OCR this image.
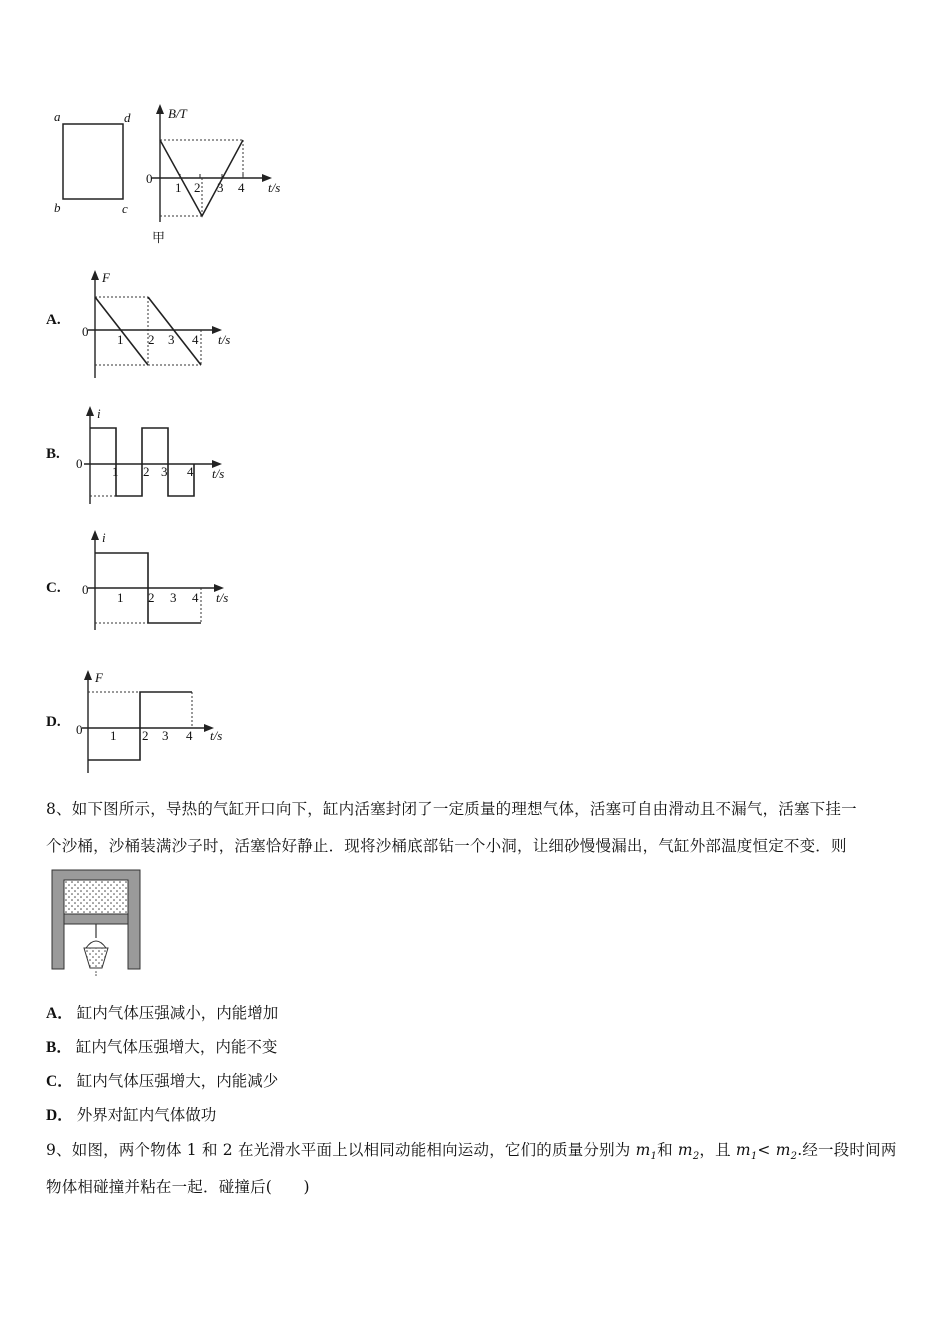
a	d
b	c
B/T
t/s
0
1 2 3 4
甲
A.
F
t/s
0
1 2 3 4
B.
i
t/s
0
1 2 3 4
C.
i
t/s
0
1 2 3 4
D.
F
t/s
0 1 2 3 4
8、如下图所示，导热的气缸开口向下，缸内活塞封闭了一定质量的理想气体，活塞可自由滑动且不漏气，活塞下挂一
个沙桶，沙桶装满沙子时，活塞恰好静止．现将沙桶底部钻一个小洞，让细砂慢慢漏出，气缸外部温度恒定不变．则
A． 缸内气体压强减小，内能增加
B． 缸内气体压强增大，内能不变
C． 缸内气体压强增大，内能减少
D． 外界对缸内气体做功
9、如图，两个物体 1 和 2 在光滑水平面上以相同动能相向运动，它们的质量分别为 $m_1$和 $m_2$，且 $m_1< m_2$.经一段时间两
物体相碰撞并粘在一起．碰撞后(　　)
